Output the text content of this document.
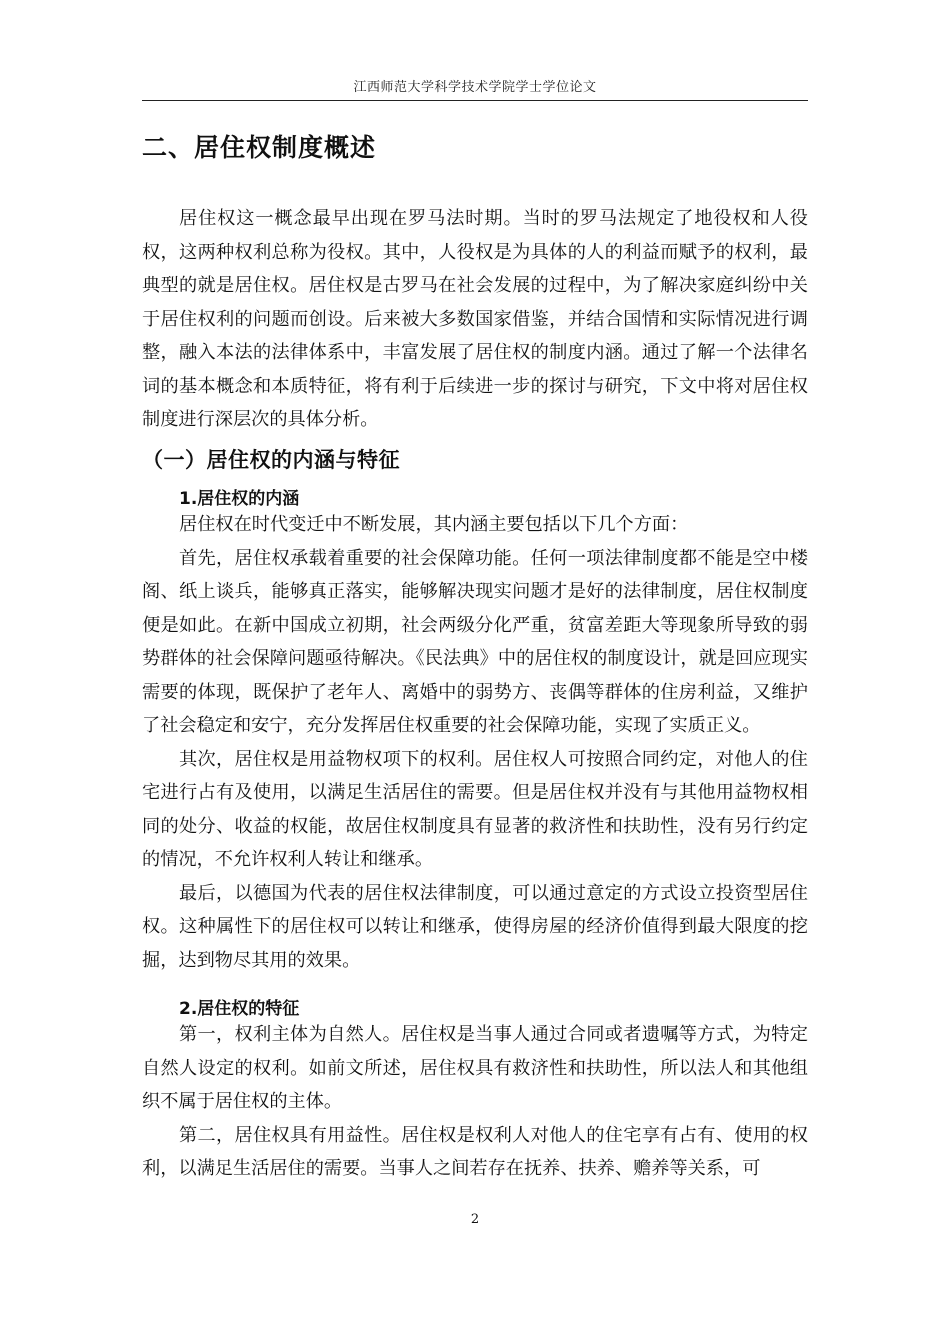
江西师范大学科学技术学院学士学位论文
二、居住权制度概述

居住权这一概念最早出现在罗马法时期。当时的罗马法规定了地役权和人役权，这两种权利总称为役权。其中，人役权是为具体的人的利益而赋予的权利，最典型的就是居住权。居住权是古罗马在社会发展的过程中，为了解决家庭纠纷中关于居住权利的问题而创设。后来被大多数国家借鉴，并结合国情和实际情况进行调整，融入本法的法律体系中，丰富发展了居住权的制度内涵。通过了解一个法律名词的基本概念和本质特征，将有利于后续进一步的探讨与研究，下文中将对居住权制度进行深层次的具体分析。

（一）居住权的内涵与特征
1.居住权的内涵

居住权在时代变迁中不断发展，其内涵主要包括以下几个方面：

首先，居住权承载着重要的社会保障功能。任何一项法律制度都不能是空中楼阁、纸上谈兵，能够真正落实，能够解决现实问题才是好的法律制度，居住权制度便是如此。在新中国成立初期，社会两级分化严重，贫富差距大等现象所导致的弱势群体的社会保障问题亟待解决。《民法典》中的居住权的制度设计，就是回应现实需要的体现，既保护了老年人、离婚中的弱势方、丧偶等群体的住房利益，又维护了社会稳定和安宁，充分发挥居住权重要的社会保障功能，实现了实质正义。

其次，居住权是用益物权项下的权利。居住权人可按照合同约定，对他人的住宅进行占有及使用，以满足生活居住的需要。但是居住权并没有与其他用益物权相同的处分、收益的权能，故居住权制度具有显著的救济性和扶助性，没有另行约定的情况，不允许权利人转让和继承。

最后，以德国为代表的居住权法律制度，可以通过意定的方式设立投资型居住权。这种属性下的居住权可以转让和继承，使得房屋的经济价值得到最大限度的挖掘，达到物尽其用的效果。

2.居住权的特征

第一，权利主体为自然人。居住权是当事人通过合同或者遗嘱等方式，为特定自然人设定的权利。如前文所述，居住权具有救济性和扶助性，所以法人和其他组织不属于居住权的主体。

第二，居住权具有用益性。居住权是权利人对他人的住宅享有占有、使用的权利，以满足生活居住的需要。当事人之间若存在抚养、扶养、赡养等关系，可

2
